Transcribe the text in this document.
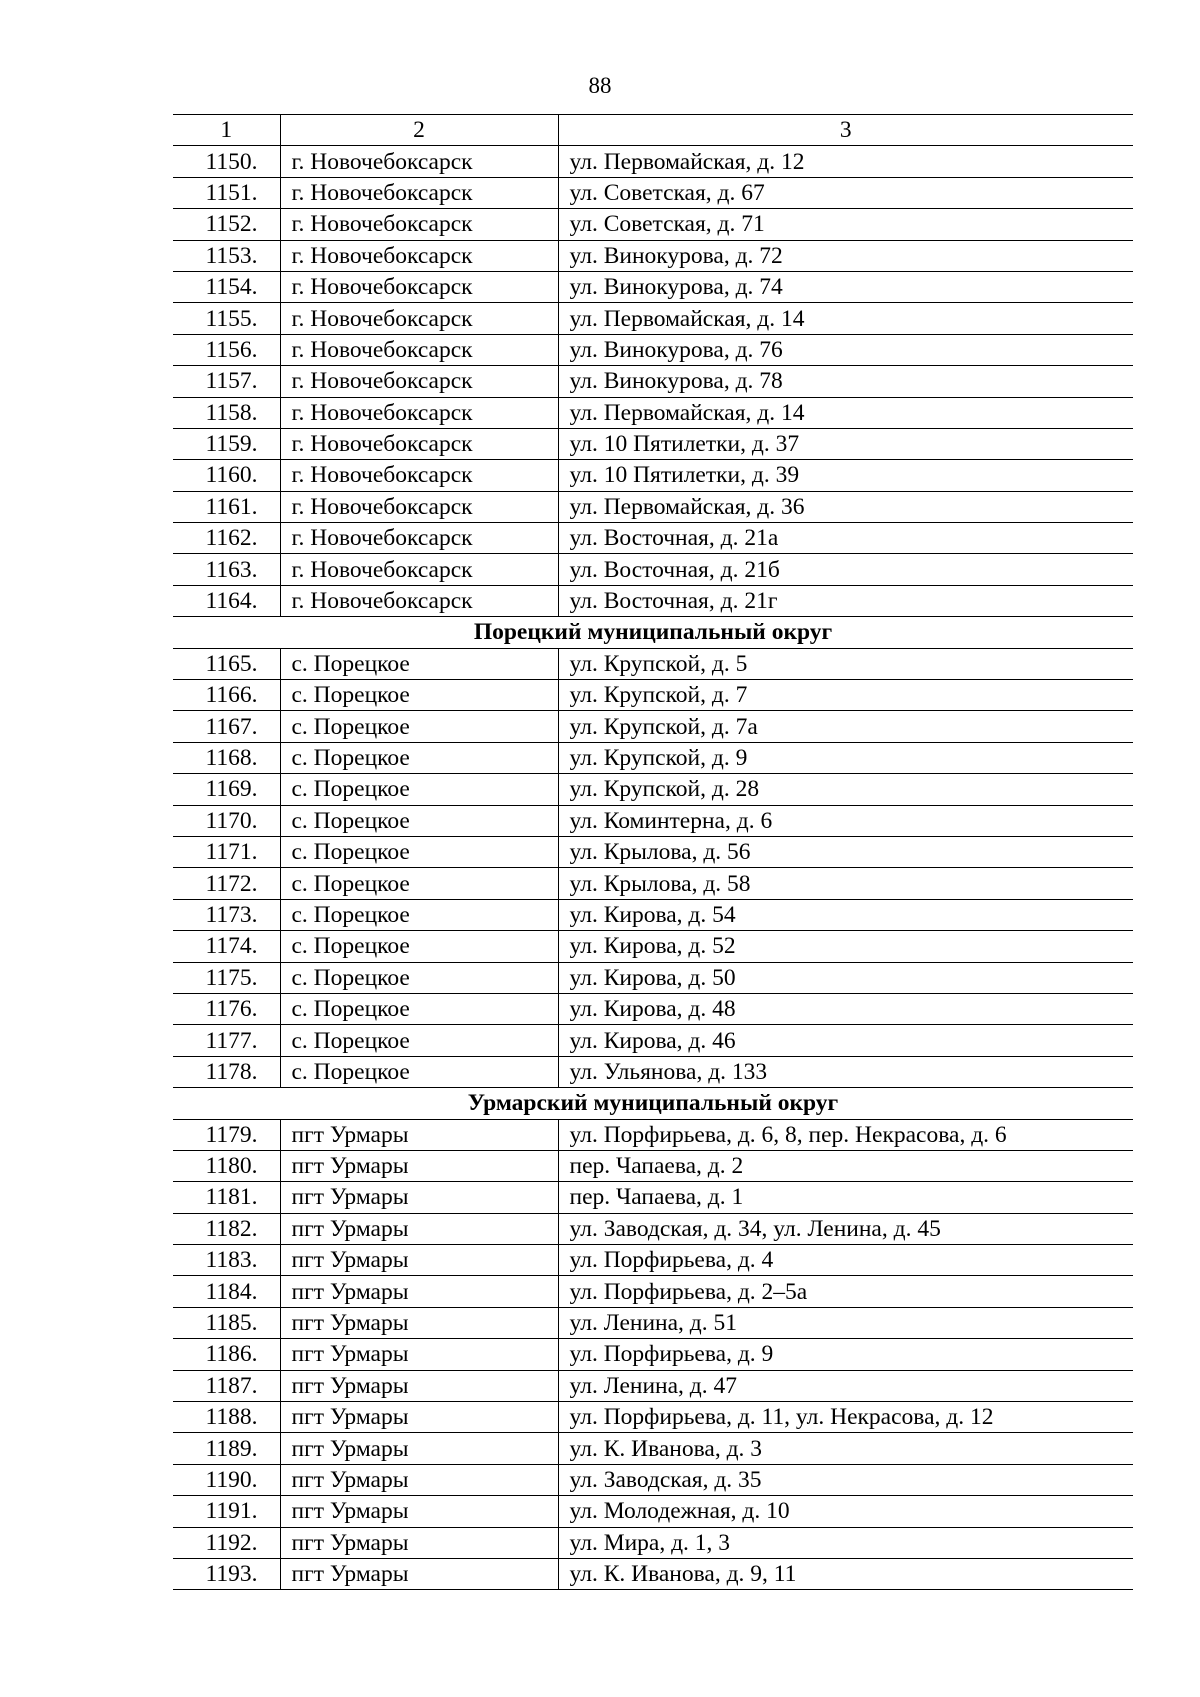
88
1	2	3
1150.	г. Новочебоксарск	ул. Первомайская, д. 12
1151.	г. Новочебоксарск	ул. Советская, д. 67
1152.	г. Новочебоксарск	ул. Советская, д. 71
1153.	г. Новочебоксарск	ул. Винокурова, д. 72
1154.	г. Новочебоксарск	ул. Винокурова, д. 74
1155.	г. Новочебоксарск	ул. Первомайская, д. 14
1156.	г. Новочебоксарск	ул. Винокурова, д. 76
1157.	г. Новочебоксарск	ул. Винокурова, д. 78
1158.	г. Новочебоксарск	ул. Первомайская, д. 14
1159.	г. Новочебоксарск	ул. 10 Пятилетки, д. 37
1160.	г. Новочебоксарск	ул. 10 Пятилетки, д. 39
1161.	г. Новочебоксарск	ул. Первомайская, д. 36
1162.	г. Новочебоксарск	ул. Восточная, д. 21а
1163.	г. Новочебоксарск	ул. Восточная, д. 21б
1164.	г. Новочебоксарск	ул. Восточная, д. 21г
Порецкий муниципальный округ		
1165.	с. Порецкое	ул. Крупской, д. 5
1166.	с. Порецкое	ул. Крупской, д. 7
1167.	с. Порецкое	ул. Крупской, д. 7а
1168.	с. Порецкое	ул. Крупской, д. 9
1169.	с. Порецкое	ул. Крупской, д. 28
1170.	с. Порецкое	ул. Коминтерна, д. 6
1171.	с. Порецкое	ул. Крылова, д. 56
1172.	с. Порецкое	ул. Крылова, д. 58
1173.	с. Порецкое	ул. Кирова, д. 54
1174.	с. Порецкое	ул. Кирова, д. 52
1175.	с. Порецкое	ул. Кирова, д. 50
1176.	с. Порецкое	ул. Кирова, д. 48
1177.	с. Порецкое	ул. Кирова, д. 46
1178.	с. Порецкое	ул. Ульянова, д. 133
Урмарский муниципальный округ		
1179.	пгт Урмары	ул. Порфирьева, д. 6, 8, пер. Некрасова, д. 6
1180.	пгт Урмары	пер. Чапаева, д. 2
1181.	пгт Урмары	пер. Чапаева, д. 1
1182.	пгт Урмары	ул. Заводская, д. 34, ул. Ленина, д. 45
1183.	пгт Урмары	ул. Порфирьева, д. 4
1184.	пгт Урмары	ул. Порфирьева, д. 2–5а
1185.	пгт Урмары	ул. Ленина, д. 51
1186.	пгт Урмары	ул. Порфирьева, д. 9
1187.	пгт Урмары	ул. Ленина, д. 47
1188.	пгт Урмары	ул. Порфирьева, д. 11, ул. Некрасова, д. 12
1189.	пгт Урмары	ул. К. Иванова, д. 3
1190.	пгт Урмары	ул. Заводская, д. 35
1191.	пгт Урмары	ул. Молодежная, д. 10
1192.	пгт Урмары	ул. Мира, д. 1, 3
1193.	пгт Урмары	ул. К. Иванова, д. 9, 11
